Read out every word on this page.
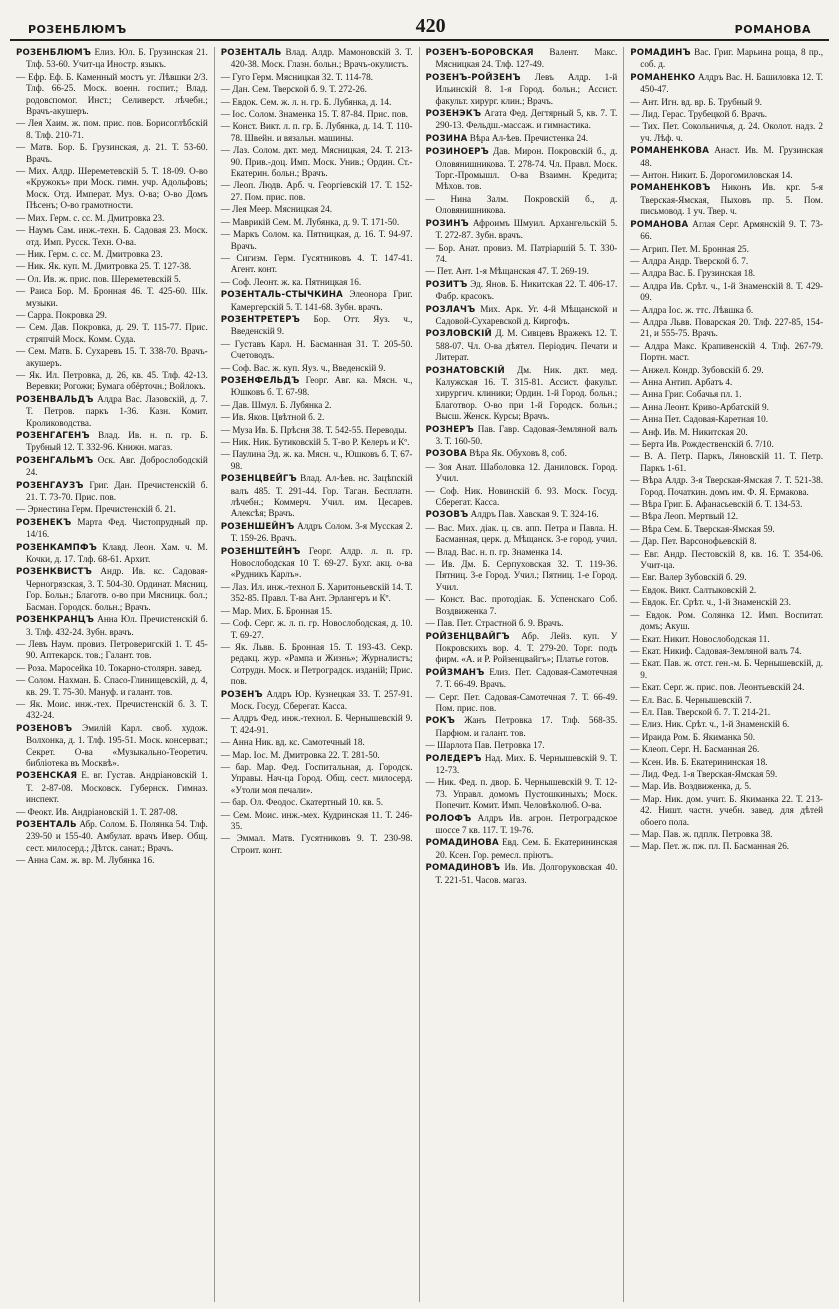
РОЗЕНБЛЮМЪ	420	РОМАНОВА
РОЗЕНБЛЮМЪ Елиз. Юл. Б. Грузинская 21. Тлф. 53-60. Учит-ца Иностр. языкъ.
— Ефр. Еф. Б. Каменный мостъ уг. Лѣвшки 2/3. Тлф. 66-25. Моск. военн. госпит.; Влад. родовспомог. Инст.; Селиверст. лѣчебн.; Врачъ-акушеръ.
— Лея Хаим. ж. пом. прис. пов. Борисоглѣбскій 8. Тлф. 210-71.
— Матв. Бор. Б. Грузинская, д. 21. Т. 53-60. Врачъ.
— Мих. Алдр. Шереметевскій 5. Т. 18-09. О-во «Кружокъ» при Моск. гимн. учр. Адольфовъ; Моск. Отд. Императ. Муз. О-ва; О-во Домъ Пѣсенъ; О-во грамотности.
— Мих. Герм. с. сс. М. Дмитровка 23.
— Наумъ Сам. инж.-техн. Б. Садовая 23. Моск. отд. Имп. Русск. Техн. О-ва.
— Ник. Герм. с. сс. М. Дмитровка 23.
— Ник. Як. куп. М. Дмитровка 25. Т. 127-38.
— Ол. Ив. ж. прис. пов. Шереметевскій 5.
— Раиса Бор. М. Бронная 46. Т. 425-60. Шк. музыки.
— Сарра. Покровка 29.
— Сем. Дав. Покровка, д. 29. Т. 115-77. Прис. стряпчій Моск. Комм. Суда.
— Сем. Матв. Б. Сухаревъ 15. Т. 338-70. Врачъ-акушеръ.
— Як. Ил. Петровка, д. 26, кв. 45. Тлф. 42-13. Веревки; Рогожи; Бумага обёрточн.; Войлокъ.
РОЗЕНВАЛЬДЪ Алдра Вас. Лазовскій, д. 7. Т. Петров. паркъ 1-36. Казн. Комит. Кролиководства.
РОЗЕНГАГЕНЪ Влад. Ив. н. п. гр. Б. Трубный 12. Т. 332-96. Книжн. магаз.
РОЗЕНГАЛЬМЪ Оск. Авг. Доброслободскій 24.
РОЗЕНГАУЗЪ Григ. Дан. Пречистенскій б. 21. Т. 73-70. Прис. пов.
— Эрнестина Герм. Пречистенскій б. 21.
РОЗЕНЕКЪ Марта Фед. Чистопрудный пр. 14/16.
РОЗЕНКАМПФЪ Клавд. Леон. Хам. ч. М. Кочки, д. 17. Тлф. 68-61. Архит.
РОЗЕНКВИСТЪ Андр. Ив. кс. Садовая-Черногрязская, 3. Т. 504-30. Ординат. Мясниц. Гор. Больн.; Благотв. о-во при Мясницк. бол.; Басман. Городск. больн.; Врачъ.
РОЗЕНКРАНЦЪ Анна Юл. Пречистенскій б. 3. Тлф. 432-24. Зубн. врачъ.
— Левъ Наум. провиз. Петроверигскій 1. Т. 45-90. Аптекарск. тов.; Галант. тов.
— Роза. Маросейка 10. Токарно-столярн. завед.
— Солом. Нахман. Б. Спасо-Глинищевскій, д. 4, кв. 29. Т. 75-30. Мануф. и галант. тов.
— Як. Моис. инж.-тех. Пречистенскій б. 3. Т. 432-24.
РОЗЕНОВЪ Эмилій Карл. своб. худож. Волхонка, д. 1. Тлф. 195-51. Моск. консерват.; Секрет. О-ва «Музыкально-Теоретич. библіотека въ Москвѣ».
РОЗЕНСКАЯ Е. вг. Густав. Андріановскій 1. Т. 2-87-08. Московск. Губернск. Гимназ. инспект.
— Феокт. Ив. Андріановскій 1. Т. 287-08.
РОЗЕНТАЛЬ Абр. Солом. Б. Полянка 54. Тлф. 239-50 и 155-40. Амбулат. врачъ Ивер. Общ. сест. милосерд.; Дѣтск. санат.; Врачъ.
— Анна Сам. ж. вр. М. Лубянка 16.
РОЗЕНТАЛЬ Влад. Алдр. Мамоновскій 3. Т. 420-38. Моск. Глазн. больн.; Врачъ-окулистъ.
— Гуго Герм. Мясницкая 32. Т. 114-78.
— Дан. Сем. Тверской б. 9. Т. 272-26.
— Евдок. Сем. ж. л. н. гр. Б. Лубянка, д. 14.
— Іос. Солом. Знаменка 15. Т. 87-84. Прис. пов.
— Конст. Викт. л. п. гр. Б. Лубянка, д. 14. Т. 110-78. Швейн. и вязальн. машины.
— Лаз. Солом. дкт. мед. Мясницкая, 24. Т. 213-90. Прив.-доц. Имп. Моск. Унив.; Ордин. Ст.-Екатерин. больн.; Врачъ.
— Леоп. Людв. Арб. ч. Георгіевскій 17. Т. 152-27. Пом. прис. пов.
— Лея Меер. Мясницкая 24.
— Маврикій Сем. М. Лубянка, д. 9. Т. 171-50.
— Маркъ Солом. ка. Пятницкая, д. 16. Т. 94-97. Врачъ.
— Сигизм. Герм. Гусятниковъ 4. Т. 147-41. Агент. конт.
— Соф. Леонт. ж. ка. Пятницкая 16.
РОЗЕНТАЛЬ-СТЫЧКИНА Элеонора Григ. Камергерскій 5. Т. 141-68. Зубн. врачъ.
РОЗЕНТРЕТЕРЪ Бор. Отт. Яуз. ч., Введенскій 9.
— Густавъ Карл. Н. Басманная 31. Т. 205-50. Счетоводъ.
— Соф. Вас. ж. куп. Яуз. ч., Введенскій 9.
РОЗЕНФЕЛЬДЪ Георг. Авг. ка. Мясн. ч., Юшковъ б. Т. 67-98.
— Дав. Шмул. Б. Лубянка 2.
— Ив. Яков. Цвѣтной б. 2.
— Муза Ив. Б. Прѣсня 38. Т. 542-55. Переводы.
— Ник. Ник. Бутиковскій 5. Т-во Р. Келеръ и Кº.
— Паулина Эд. ж. ка. Мясн. ч., Юшковъ б. Т. 67-98.
РОЗЕНЦВЕЙГЪ Влад. Ал-ѣев. нс. Зацѣпскій валъ 485. Т. 291-44. Гор. Таган. Бесплатн. лѣчебн.; Коммерч. Учил. им. Цесарев. Алексѣя; Врачъ.
РОЗЕНШЕЙНЪ Алдръ Солом. 3-я Мусская 2. Т. 159-26. Врачъ.
РОЗЕНШТЕЙНЪ Георг. Алдр. л. п. гр. Новослободская 10 Т. 69-27. Бухг. акц. о-ва «Рудникъ Карлъ».
— Лаз. Ил. инж.-технол Б. Харитоньевскій 14. Т. 352-85. Правл. Т-ва Ант. Эрлангеръ и Кº.
— Мар. Мих. Б. Бронная 15.
— Соф. Серг. ж. л. п. гр. Новослободская, д. 10. Т. 69-27.
— Як. Львв. Б. Бронная 15. Т. 193-43. Секр. редакц. жур. «Рампа и Жизнь»; Журналистъ; Сотрудн. Моск. и Петроградск. изданій; Прис. пов.
РОЗЕНЪ Алдръ Юр. Кузнецкая 33. Т. 257-91. Моск. Госуд. Сберегат. Касса.
— Алдръ Фед. инж.-технол. Б. Чернышевскій 9. Т. 424-91.
— Анна Ник. вд. кс. Самотечный 18.
— Мар. Іос. М. Дмитровка 22. Т. 281-50.
— бар. Мар. Фед. Госпитальная, д. Городск. Управы. Нач-ца Город. Общ. сест. милосерд. «Утоли моя печали».
— бар. Ол. Феодос. Скатертный 10. кв. 5.
— Сем. Моис. инж.-мех. Кудринская 11. Т. 246-35.
— Эммал. Матв. Гусятниковъ 9. Т. 230-98. Строит. конт.
РОЗЕНЪ-БОРОВСКАЯ Валент. Макс. Мясницкая 24. Тлф. 127-49.
РОЗЕНЪ-РОЙЗЕНЪ Левъ Алдр. 1-й Ильинскій 8. 1-я Город. больн.; Ассист. факульт. хирург. клин.; Врачъ.
РОЗЕНЭКЪ Агата Фед. Дегтярный 5, кв. 7. Т. 290-13. Фельдш.-массаж. и гимнастика.
РОЗИНА Вѣра Ал-ѣев. Пречистенка 24.
РОЗИНОЕРЪ Дав. Мирон. Покровскій б., д. Оловянишникова. Т. 278-74. Чл. Правл. Моск. Торг.-Промышл. О-ва Взаимн. Кредита; Мѣхов. тов.
— Нина Залм. Покровскій б., д. Оловянишникова.
РОЗИНЪ Афроимъ Шмуил. Архангельскій 5. Т. 272-87. Зубн. врачъ.
— Бор. Анат. провиз. М. Патріаршій 5. Т. 330-74.
— Пет. Ант. 1-я Мѣщанская 47. Т. 269-19.
РОЗИТЪ Эд. Янов. Б. Никитская 22. Т. 406-17. Фабр. красокъ.
РОЗЛАЧЪ Мих. Арк. Уг. 4-й Мѣщанской и Садовой-Сухаревской д. Киргофъ.
РОЗЛОВСКІЙ Д. М. Сивцевъ Вражекъ 12. Т. 588-07. Чл. О-ва дѣятел. Періодич. Печати и Литерат.
РОЗНАТОВСКІЙ Дм. Ник. дкт. мед. Калужская 16. Т. 315-81. Ассист. факульт. хирургич. клиники; Ордин. 1-й Город. больн.; Благотвор. О-во при 1-й Городск. больн.; Высш. Женск. Курсы; Врачъ.
РОЗНЕРЪ Пав. Гавр. Садовая-Земляной валъ 3. Т. 160-50.
РОЗОВА Вѣра Як. Обуховъ 8, соб.
— Зоя Анат. Шаболовка 12. Даниловск. Город. Учил.
— Соф. Ник. Новинскій б. 93. Моск. Госуд. Сберегат. Касса.
РОЗОВЪ Алдръ Пав. Хавская 9. Т. 324-16.
— Вас. Мих. діак. ц. св. апп. Петра и Павла. Н. Басманная, церк. д. Мѣщанск. 3-е город. учил.
— Влад. Вас. н. п. гр. Знаменка 14.
— Ив. Дм. Б. Серпуховская 32. Т. 119-36. Пятниц. 3-е Город. Учил.; Пятниц. 1-е Город. Учил.
— Конст. Вас. протодіак. Б. Успенскаго Соб. Воздвиженка 7.
— Пав. Пет. Страстной б. 9. Врачъ.
РОЙЗЕНЦВАЙГЪ Абр. Лейз. куп. У Покровскихъ вор. 4. Т. 279-20. Торг. подъ фирм. «А. и Р. Ройзенцвайгъ»; Платье готов.
РОЙЗМАНЪ Елиз. Пет. Садовая-Самотечная 7. Т. 66-49. Врачъ.
— Серг. Пет. Садовая-Самотечная 7. Т. 66-49. Пом. прис. пов.
РОКЪ Жанъ Петровка 17. Тлф. 568-35. Парфюм. и галант. тов.
— Шарлота Пав. Петровка 17.
РОЛЕДЕРЪ Над. Мих. Б. Чернышевскій 9. Т. 12-73.
— Ник. Фед. п. двор. Б. Чернышевскій 9. Т. 12-73. Управл. домомъ Пустошкиныхъ; Моск. Попечит. Комит. Имп. Человѣколюб. О-ва.
РОЛОФЪ Алдръ Ив. агрон. Петроградское шоссе 7 кв. 117. Т. 19-76.
РОМАДИНОВА Евд. Сем. Б. Екатерининская 20. Ксен. Гор. ремесл. пріютъ.
РОМАДИНОВЪ Ив. Ив. Долгоруковская 40. Т. 221-51. Часов. магаз.
РОМАДИНЪ Вас. Григ. Марьина роща, 8 пр., соб. д.
РОМАНЕНКО Алдръ Вас. Н. Башиловка 12. Т. 450-47.
— Ант. Игн. вд. вр. Б. Трубный 9.
— Лид. Герас. Трубецкой б. Врачъ.
— Тих. Пет. Сокольничья, д. 24. Околот. надз. 2 уч. Лѣф. ч.
РОМАНЕНКОВА Анаст. Ив. М. Грузинская 48.
— Антон. Никит. Б. Дорогомиловская 14.
РОМАНЕНКОВЪ Никонъ Ив. крг. 5-я Тверская-Ямская, Пыховъ пр. 5. Пом. письмовод. 1 уч. Твер. ч.
РОМАНОВА Аглая Серг. Армянскій 9. Т. 73-66.
— Агрип. Пет. М. Бронная 25.
— Алдра Андр. Тверской б. 7.
— Алдра Вас. Б. Грузинская 18.
— Алдра Ив. Срѣт. ч., 1-й Знаменскій 8. Т. 429-09.
— Алдра Іос. ж. ттс. Лѣвшка б.
— Алдра Львв. Поварская 20. Тлф. 227-85, 154-21, и 555-75. Врачъ.
— Алдра Макс. Крапивенскій 4. Тлф. 267-79. Портн. маст.
— Анжел. Кондр. Зубовскій б. 29.
— Анна Антип. Арбатъ 4.
— Анна Григ. Собачья пл. 1.
— Анна Леонт. Криво-Арбатскій 9.
— Анна Пет. Садовая-Каретная 10.
— Анф. Ив. М. Никитская 20.
— Берта Ив. Рождественскій б. 7/10.
— В. А. Петр. Паркъ, Ляновскій 11. Т. Петр. Паркъ 1-61.
— Вѣра Алдр. 3-я Тверская-Ямская 7. Т. 521-38. Город. Початкин. домъ им. Ф. Я. Ермакова.
— Вѣра Григ. Б. Афанасьевскій б. Т. 134-53.
— Вѣра Леоп. Мертвый 12.
— Вѣра Сем. Б. Тверская-Ямская 59.
— Дар. Пет. Варсонофьевскій 8.
— Евг. Андр. Пестовскій 8, кв. 16. Т. 354-06. Учит-ца.
— Евг. Валер Зубовскій б. 29.
— Евдок. Викт. Салтыковскій 2.
— Евдок. Ег. Срѣт. ч., 1-й Знаменскій 23.
— Евдок. Ром. Солянка 12. Имп. Воспитат. домъ; Акуш.
— Екат. Никит. Новослободская 11.
— Екат. Никиф. Садовая-Земляной валъ 74.
— Екат. Пав. ж. отст. ген.-м. Б. Чернышевскій, д. 9.
— Екат. Серг. ж. прис. пов. Леонтьевскій 24.
— Ел. Вас. Б. Чернышевскій 7.
— Ел. Пав. Тверской б. 7. Т. 214-21.
— Елиз. Ник. Срѣт. ч., 1-й Знаменскій 6.
— Ираида Ром. Б. Якиманка 50.
— Клеоп. Серг. Н. Басманная 26.
— Ксен. Ив. Б. Екатерининская 18.
— Лид. Фед. 1-я Тверская-Ямская 59.
— Мар. Ив. Воздвиженка, д. 5.
— Мар. Ник. дом. учит. Б. Якиманка 22. Т. 213-42. Ништ. частн. учебн. завед. для дѣтей обоего пола.
— Мар. Пав. ж. пдплк. Петровка 38.
— Мар. Пет. ж. пж. пл. П. Басманная 26.
